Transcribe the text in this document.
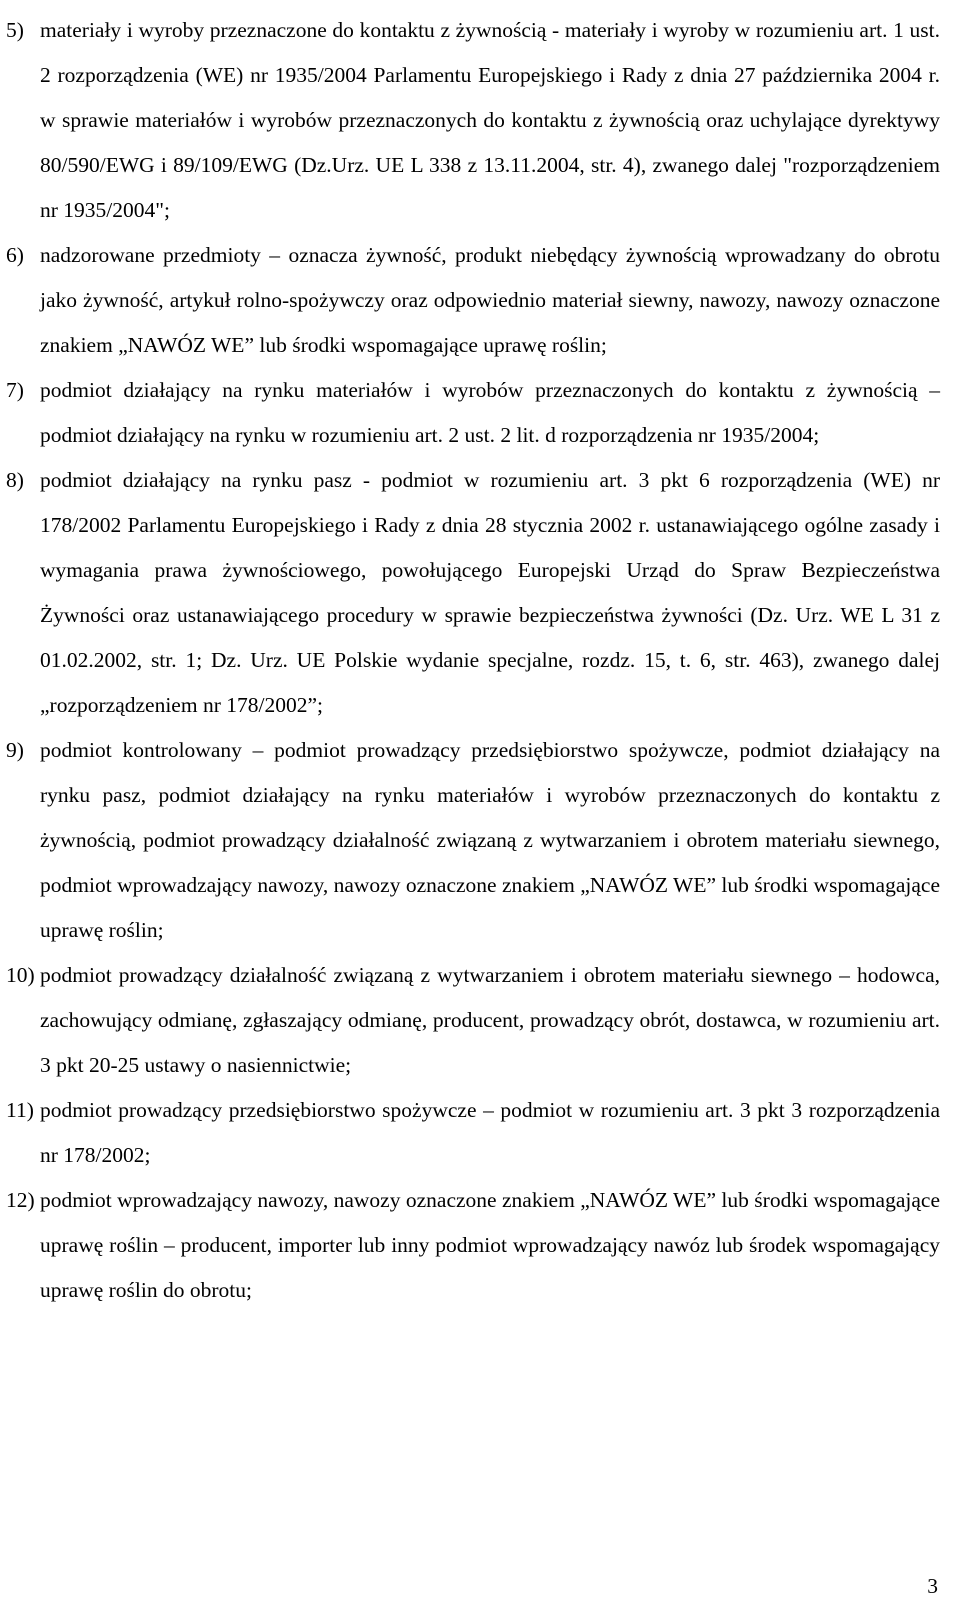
5) materiały i wyroby przeznaczone do kontaktu z żywnością - materiały i wyroby w rozumieniu art. 1 ust. 2 rozporządzenia (WE) nr 1935/2004 Parlamentu Europejskiego i Rady z dnia 27 października 2004 r. w sprawie materiałów i wyrobów przeznaczonych do kontaktu z żywnością oraz uchylające dyrektywy 80/590/EWG i 89/109/EWG (Dz.Urz. UE L 338 z 13.11.2004, str. 4), zwanego dalej "rozporządzeniem nr 1935/2004";
6) nadzorowane przedmioty – oznacza żywność, produkt niebędący żywnością wprowadzany do obrotu jako żywność, artykuł rolno-spożywczy oraz odpowiednio materiał siewny, nawozy, nawozy oznaczone znakiem „NAWÓZ WE” lub środki wspomagające uprawę roślin;
7) podmiot działający na rynku materiałów i wyrobów przeznaczonych do kontaktu z żywnością – podmiot działający na rynku w rozumieniu art. 2 ust. 2 lit. d rozporządzenia nr 1935/2004;
8) podmiot działający na rynku pasz - podmiot w rozumieniu art. 3 pkt 6 rozporządzenia (WE) nr 178/2002 Parlamentu Europejskiego i Rady z dnia 28 stycznia 2002 r. ustanawiającego ogólne zasady i wymagania prawa żywnościowego, powołującego Europejski Urząd do Spraw Bezpieczeństwa Żywności oraz ustanawiającego procedury w sprawie bezpieczeństwa żywności (Dz. Urz. WE L 31 z 01.02.2002, str. 1; Dz. Urz. UE Polskie wydanie specjalne, rozdz. 15, t. 6, str. 463), zwanego dalej „rozporządzeniem nr 178/2002”;
9) podmiot kontrolowany – podmiot prowadzący przedsiębiorstwo spożywcze, podmiot działający na rynku pasz, podmiot działający na rynku materiałów i wyrobów przeznaczonych do kontaktu z żywnością, podmiot prowadzący działalność związaną z wytwarzaniem i obrotem materiału siewnego, podmiot wprowadzający nawozy, nawozy oznaczone znakiem „NAWÓZ WE” lub środki wspomagające uprawę roślin;
10) podmiot prowadzący działalność związaną z wytwarzaniem i obrotem materiału siewnego – hodowca, zachowujący odmianę, zgłaszający odmianę, producent, prowadzący obrót, dostawca, w rozumieniu art. 3 pkt 20-25 ustawy o nasiennictwie;
11) podmiot prowadzący przedsiębiorstwo spożywcze – podmiot w rozumieniu art. 3 pkt 3 rozporządzenia nr 178/2002;
12) podmiot wprowadzający nawozy, nawozy oznaczone znakiem „NAWÓZ WE” lub środki wspomagające uprawę roślin – producent, importer lub inny podmiot wprowadzający nawóz lub środek wspomagający uprawę roślin do obrotu;
3
